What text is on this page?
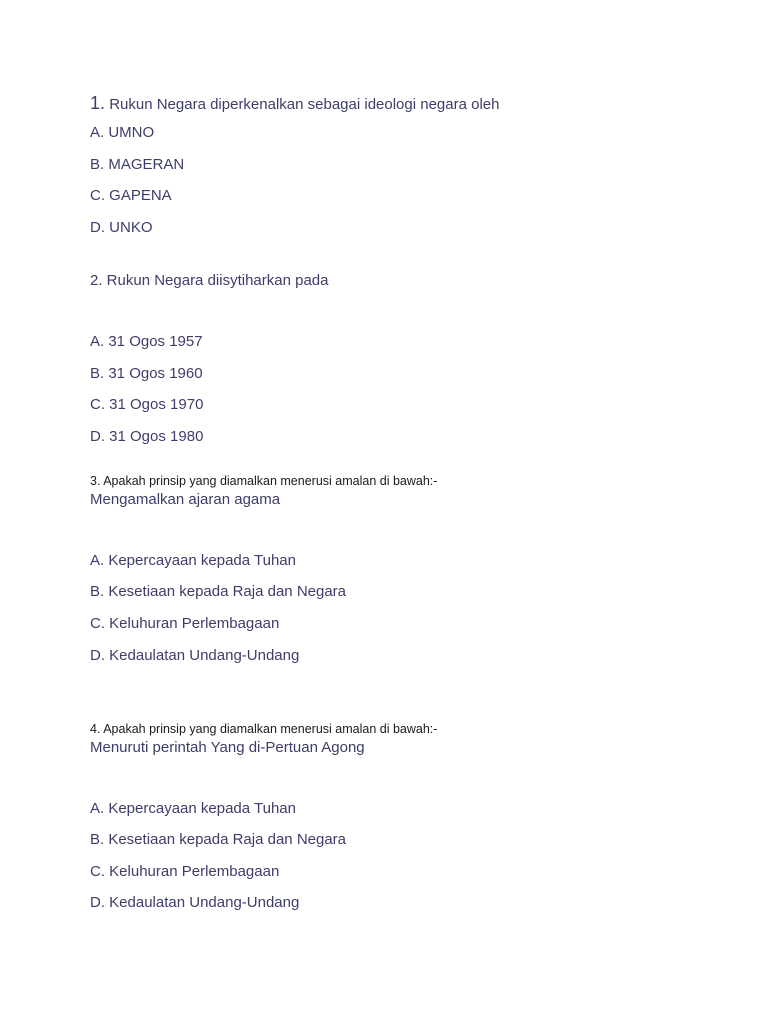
1. Rukun Negara diperkenalkan sebagai ideologi negara oleh
A. UMNO
B. MAGERAN
C. GAPENA
D. UNKO
2. Rukun Negara diisytiharkan pada
A. 31 Ogos 1957
B. 31 Ogos 1960
C. 31 Ogos 1970
D. 31 Ogos 1980
3. Apakah prinsip yang diamalkan menerusi amalan di bawah:-
Mengamalkan ajaran agama
A. Kepercayaan kepada Tuhan
B. Kesetiaan kepada Raja dan Negara
C. Keluhuran Perlembagaan
D. Kedaulatan Undang-Undang
4. Apakah prinsip yang diamalkan menerusi amalan di bawah:-
Menuruti perintah Yang di-Pertuan Agong
A. Kepercayaan kepada Tuhan
B. Kesetiaan kepada Raja dan Negara
C. Keluhuran Perlembagaan
D. Kedaulatan Undang-Undang
